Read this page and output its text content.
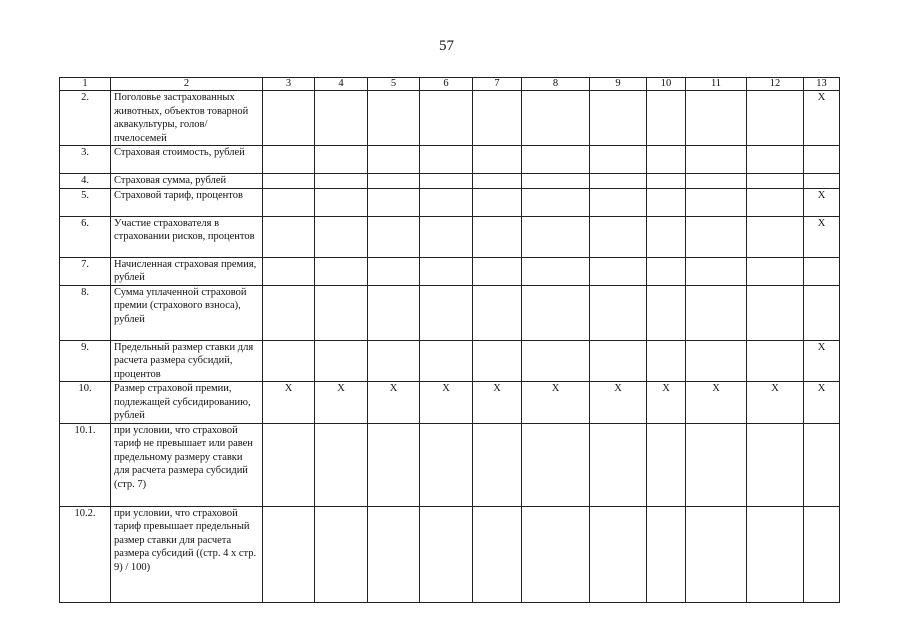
57
1	2	3	4	5	6	7	8	9	10	11	12	13
2.	Поголовье застрахованных животных, объектов товарной аквакультуры, голов/пчелосемей											X
3.	Страховая стоимость, рублей											
4.	Страховая сумма, рублей											
5.	Страховой тариф, процентов											X
6.	Участие страхователя в страховании рисков, процентов											X
7.	Начисленная страховая премия, рублей											
8.	Сумма уплаченной страховой премии (страхового взноса), рублей											
9.	Предельный размер ставки для расчета размера субсидий, процентов											X
10.	Размер страховой премии, подлежащей субсидированию, рублей	X	X	X	X	X	X	X	X	X	X	X
10.1.	при условии, что страховой тариф не превышает или равен предельному размеру ставки для расчета размера субсидий (стр. 7)											
10.2.	при условии, что страховой тариф превышает предельный размер ставки для расчета размера субсидий ((стр. 4 x стр. 9) / 100)											
